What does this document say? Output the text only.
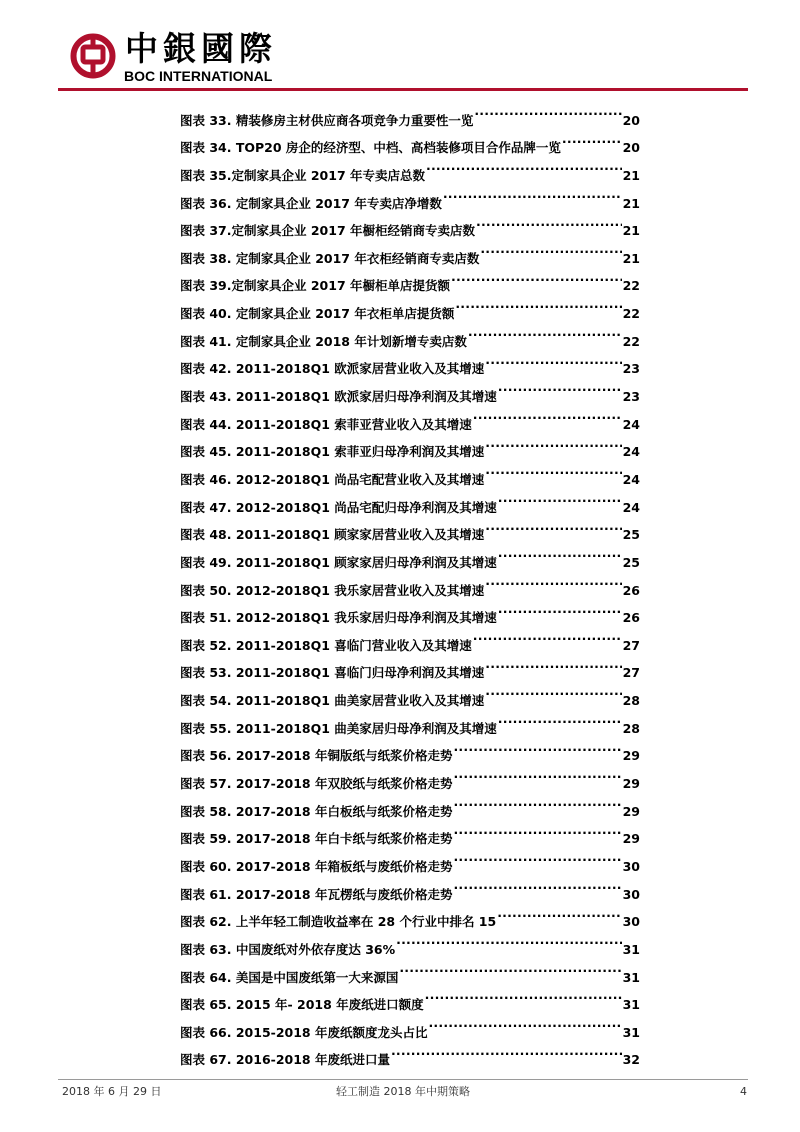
中銀國際
BOC INTERNATIONAL
图表 33. 精装修房主材供应商各项竞争力重要性一览 .....	20
图表 34. TOP20 房企的经济型、中档、高档装修项目合作品牌一览 .....	20
图表 35.定制家具企业 2017 年专卖店总数 .....	21
图表 36. 定制家具企业 2017 年专卖店净增数 .....	21
图表 37.定制家具企业 2017 年橱柜经销商专卖店数 .....	21
图表 38. 定制家具企业 2017 年衣柜经销商专卖店数 .....	21
图表 39.定制家具企业 2017 年橱柜单店提货额 .....	22
图表 40. 定制家具企业 2017 年衣柜单店提货额 .....	22
图表 41. 定制家具企业 2018 年计划新增专卖店数 .....	22
图表 42. 2011-2018Q1 欧派家居营业收入及其增速 .....	23
图表 43. 2011-2018Q1 欧派家居归母净利润及其增速 .....	23
图表 44. 2011-2018Q1 索菲亚营业收入及其增速 .....	24
图表 45. 2011-2018Q1 索菲亚归母净利润及其增速 .....	24
图表 46. 2012-2018Q1 尚品宅配营业收入及其增速 .....	24
图表 47. 2012-2018Q1 尚品宅配归母净利润及其增速 .....	24
图表 48. 2011-2018Q1 顾家家居营业收入及其增速 .....	25
图表 49. 2011-2018Q1 顾家家居归母净利润及其增速 .....	25
图表 50. 2012-2018Q1 我乐家居营业收入及其增速 .....	26
图表 51. 2012-2018Q1 我乐家居归母净利润及其增速 .....	26
图表 52. 2011-2018Q1 喜临门营业收入及其增速 .....	27
图表 53. 2011-2018Q1 喜临门归母净利润及其增速 .....	27
图表 54. 2011-2018Q1 曲美家居营业收入及其增速 .....	28
图表 55. 2011-2018Q1 曲美家居归母净利润及其增速 .....	28
图表 56. 2017-2018 年铜版纸与纸浆价格走势 .....	29
图表 57. 2017-2018 年双胶纸与纸浆价格走势 .....	29
图表 58. 2017-2018 年白板纸与纸浆价格走势 .....	29
图表 59. 2017-2018 年白卡纸与纸浆价格走势 .....	29
图表 60. 2017-2018 年箱板纸与废纸价格走势 .....	30
图表 61. 2017-2018 年瓦楞纸与废纸价格走势 .....	30
图表 62. 上半年轻工制造收益率在 28 个行业中排名 15 .....	30
图表 63. 中国废纸对外依存度达 36% .....	31
图表 64. 美国是中国废纸第一大来源国 .....	31
图表 65. 2015 年- 2018 年废纸进口额度 .....	31
图表 66. 2015-2018 年废纸额度龙头占比 .....	31
图表 67. 2016-2018 年废纸进口量 .....	32
2018 年 6 月 29 日	轻工制造 2018 年中期策略	4
